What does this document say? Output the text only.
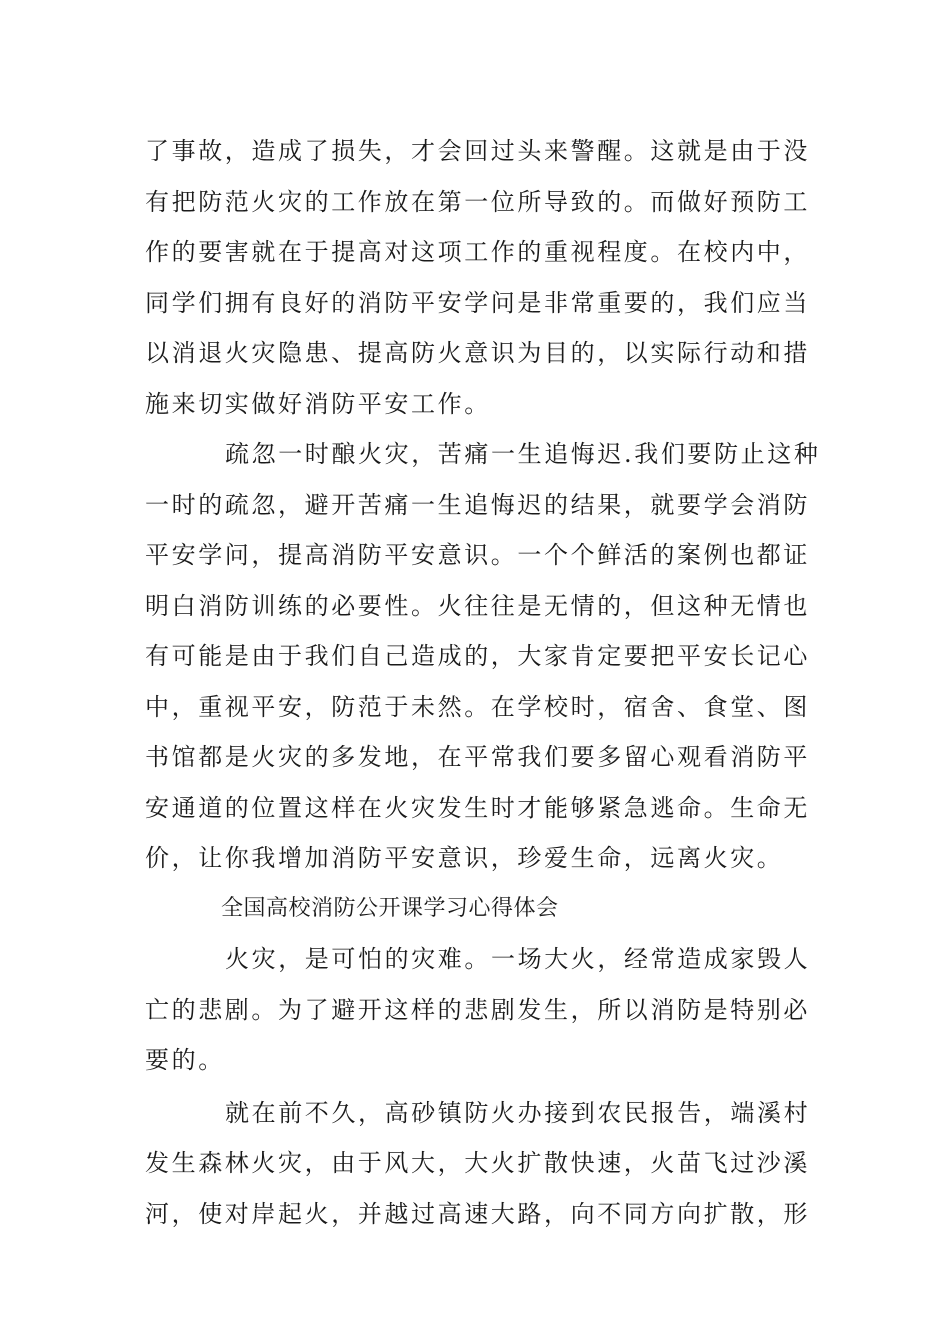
了事故，造成了损失，才会回过头来警醒。这就是由于没
有把防范火灾的工作放在第一位所导致的。而做好预防工
作的要害就在于提高对这项工作的重视程度。在校内中，
同学们拥有良好的消防平安学问是非常重要的，我们应当
以消退火灾隐患、提高防火意识为目的，以实际行动和措
施来切实做好消防平安工作。
疏忽一时酿火灾，苦痛一生追悔迟.我们要防止这种
一时的疏忽，避开苦痛一生追悔迟的结果，就要学会消防
平安学问，提高消防平安意识。一个个鲜活的案例也都证
明白消防训练的必要性。火往往是无情的，但这种无情也
有可能是由于我们自己造成的，大家肯定要把平安长记心
中，重视平安，防范于未然。在学校时，宿舍、食堂、图
书馆都是火灾的多发地，在平常我们要多留心观看消防平
安通道的位置这样在火灾发生时才能够紧急逃命。生命无
价，让你我增加消防平安意识，珍爱生命，远离火灾。
全国高校消防公开课学习心得体会
火灾，是可怕的灾难。一场大火，经常造成家毁人
亡的悲剧。为了避开这样的悲剧发生，所以消防是特别必
要的。
就在前不久，高砂镇防火办接到农民报告，端溪村
发生森林火灾，由于风大，大火扩散快速，火苗飞过沙溪
河，使对岸起火，并越过高速大路，向不同方向扩散，形
